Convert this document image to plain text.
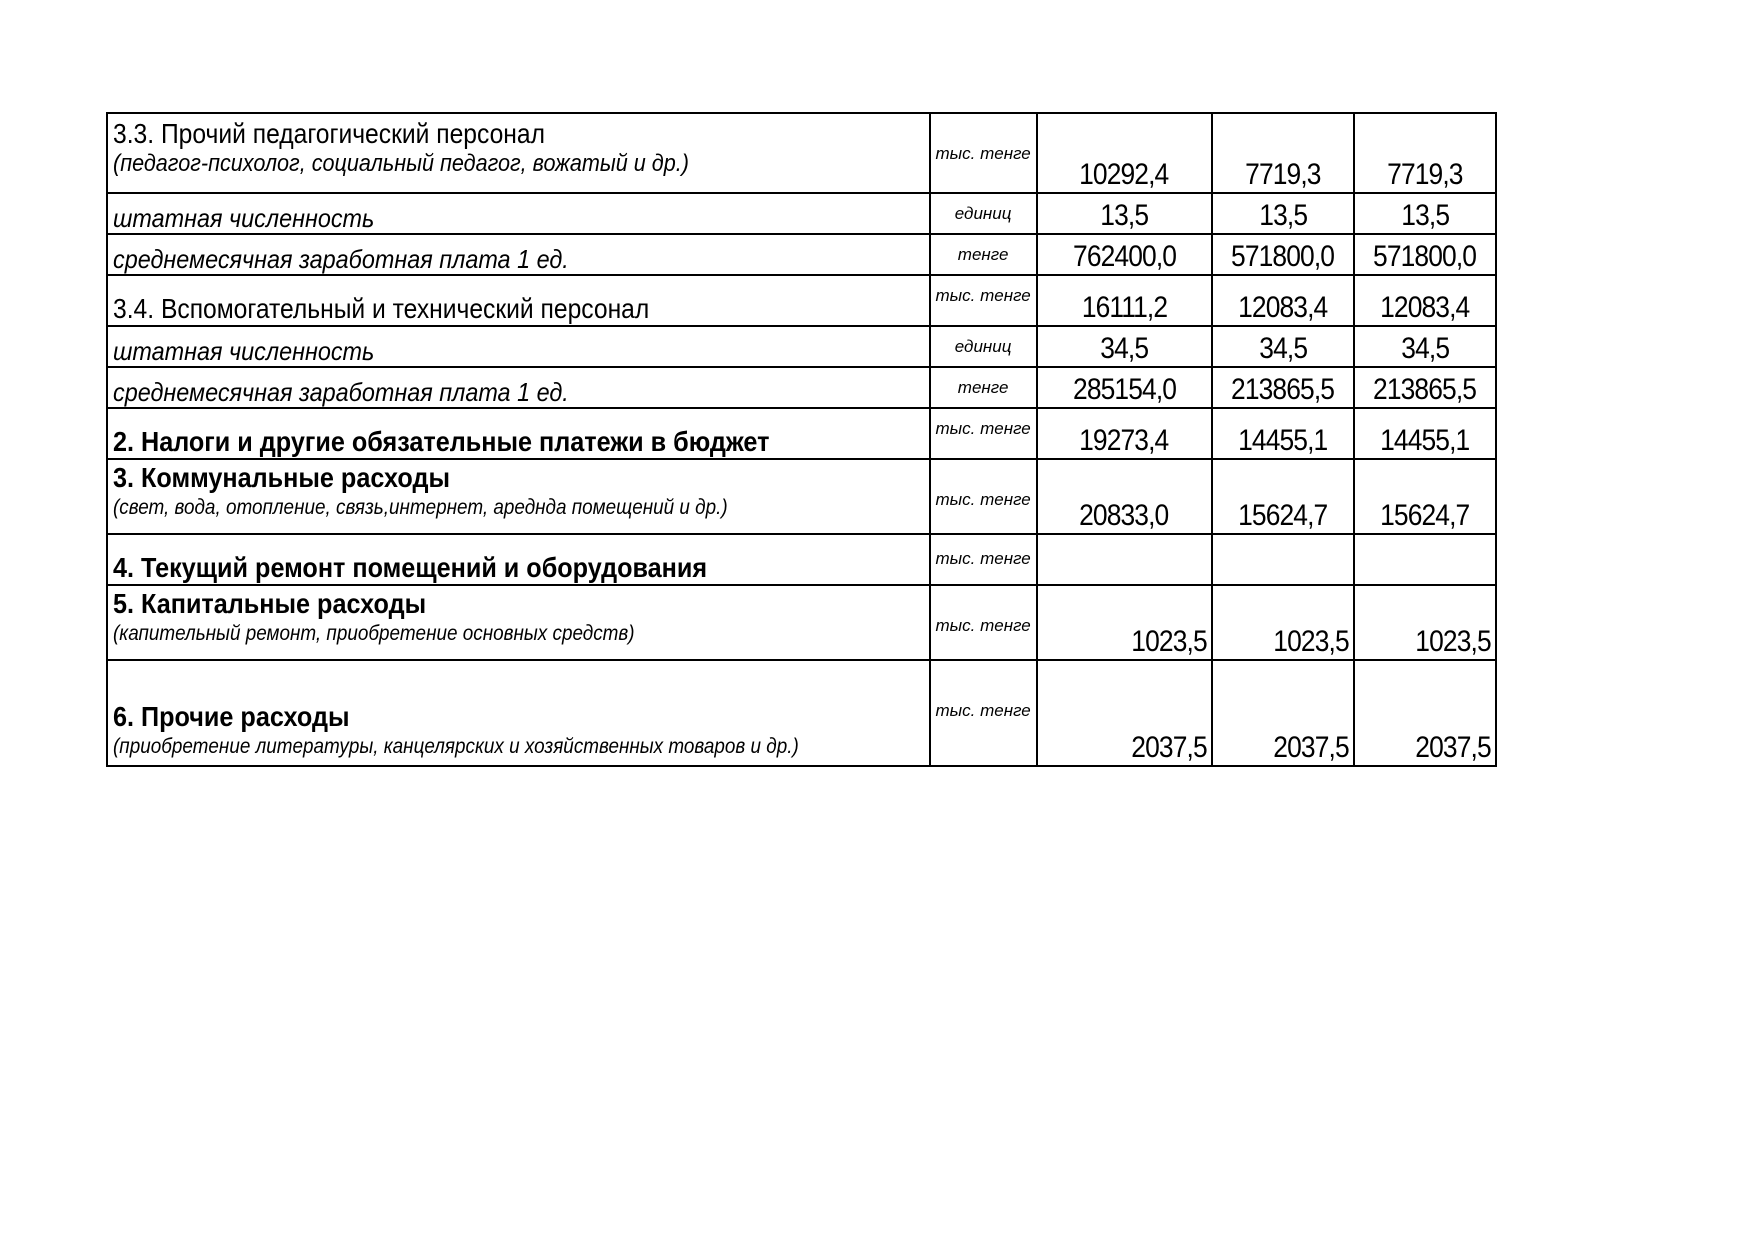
3.3. Прочий педагогический персонал
(педагог-психолог, социальный педагог, вожатый и др.)	тыс. тенге	10292,4	7719,3	7719,3

штатная численность	единиц	13,5	13,5	13,5

среднемесячная заработная плата 1 ед.	тенге	762400,0	571800,0	571800,0

3.4. Вспомогательный и технический персонал	тыс. тенге	16111,2	12083,4	12083,4

штатная численность	единиц	34,5	34,5	34,5

среднемесячная заработная плата 1 ед.	тенге	285154,0	213865,5	213865,5

2. Налоги и другие обязательные платежи в бюджет	тыс. тенге	19273,4	14455,1	14455,1

3. Коммунальные расходы
(свет, вода, отопление, связь,интернет, ареднда помещений и др.)	тыс. тенге	20833,0	15624,7	15624,7

4. Текущий ремонт помещений и оборудования	тыс. тенге			

5. Капитальные расходы
(капительный ремонт, приобретение основных средств)	тыс. тенге	1023,5	1023,5	1023,5

6. Прочие расходы
(приобретение литературы, канцелярских и хозяйственных товаров и др.)	тыс. тенге	2037,5	2037,5	2037,5
